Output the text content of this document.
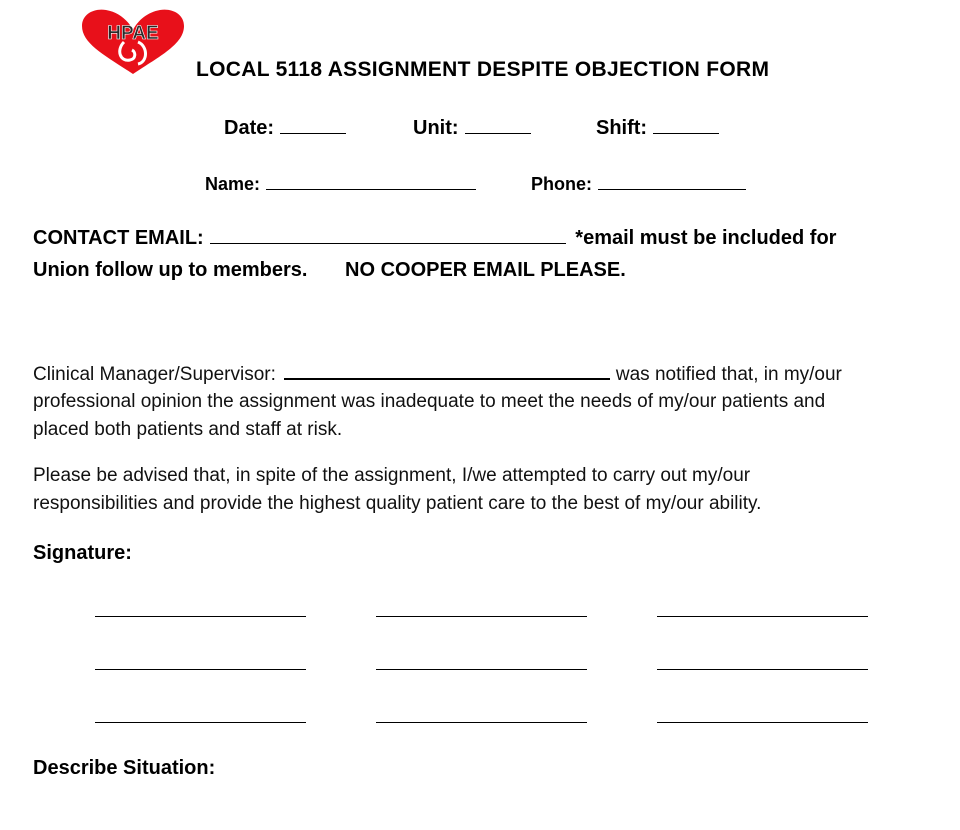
HPAE
LOCAL 5118 ASSIGNMENT DESPITE OBJECTION FORM
Date:	Unit:	Shift:
Name:	Phone:
CONTACT EMAIL:	*email must be included for
Union follow up to members. NO COOPER EMAIL PLEASE.
Clinical Manager/Supervisor:	was notified that, in my/our
professional opinion the assignment was inadequate to meet the needs of my/our patients and
placed both patients and staff at risk.
Please be advised that, in spite of the assignment, I/we attempted to carry out my/our
responsibilities and provide the highest quality patient care to the best of my/our ability.
Signature:
Describe Situation:
